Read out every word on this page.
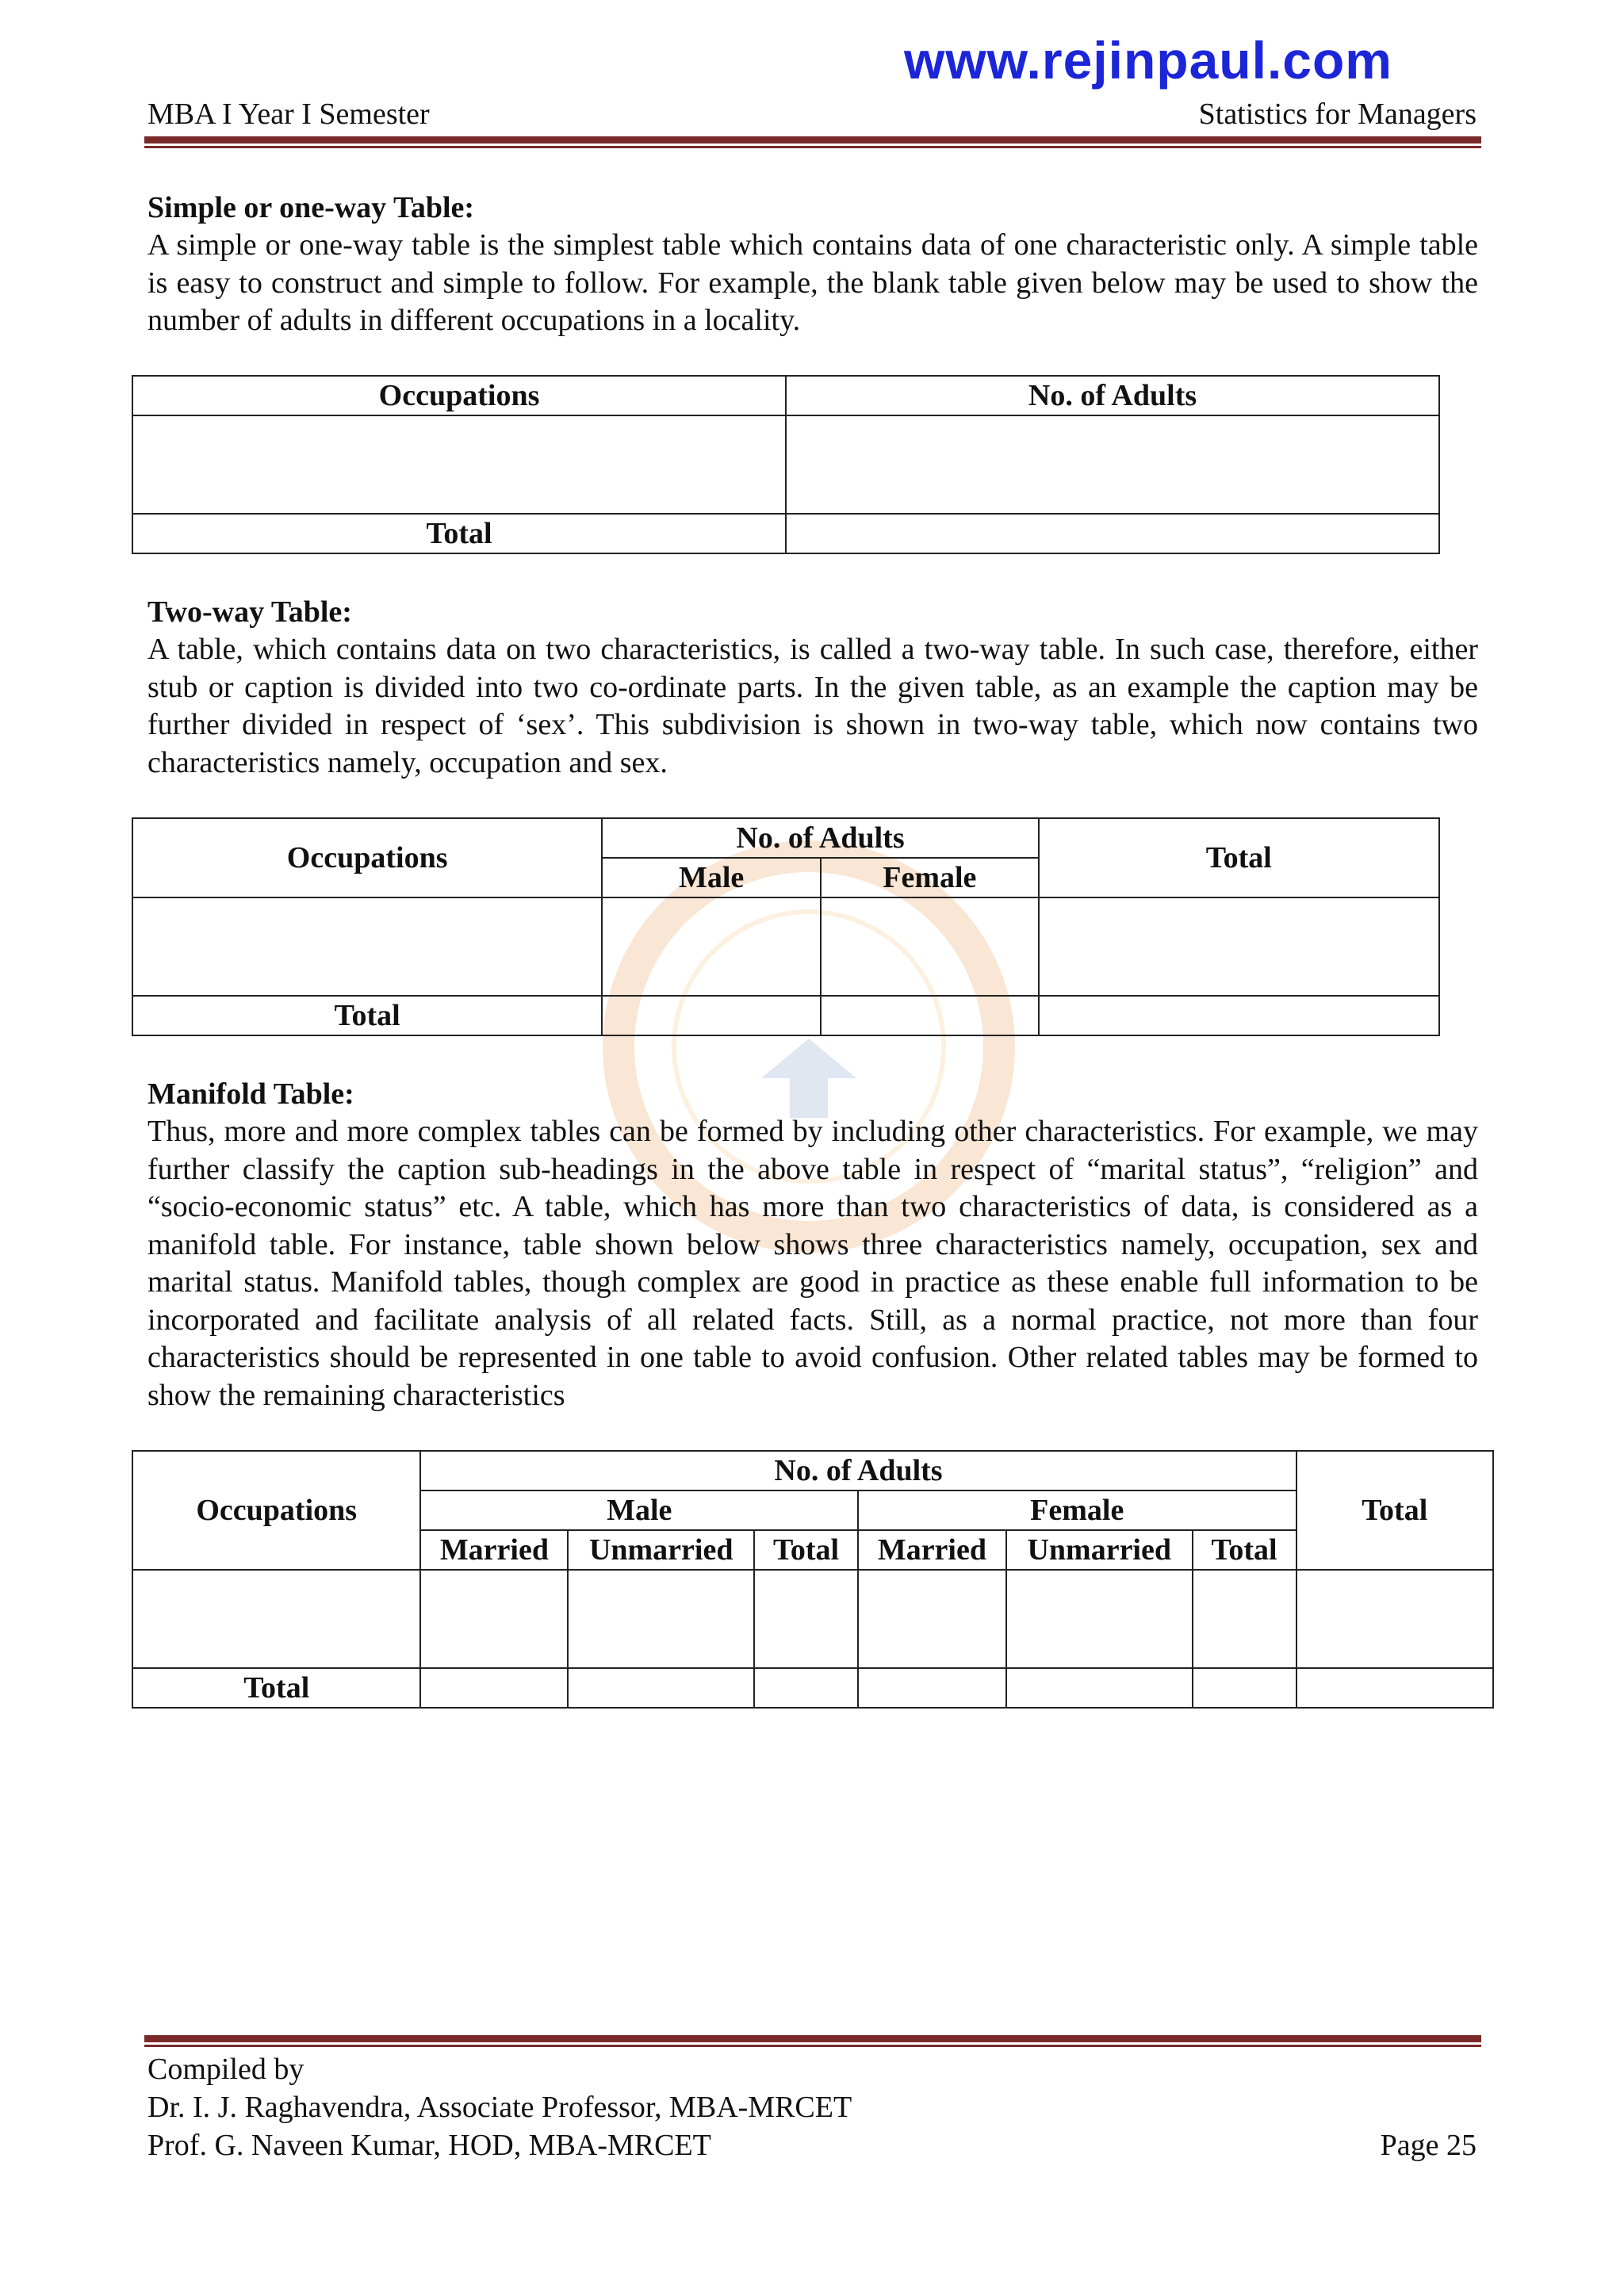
www.rejinpaul.com
MBA I Year I Semester	Statistics for Managers
Simple or one-way Table:

A simple or one-way table is the simplest table which contains data of one characteristic only. A simple table is easy to construct and simple to follow. For example, the blank table given below may be used to show the number of adults in different occupations in a locality.

Occupations	No. of Adults

Total	
Two-way Table:

A table, which contains data on two characteristics, is called a two-way table. In such case, therefore, either stub or caption is divided into two co-ordinate parts. In the given table, as an example the caption may be further divided in respect of ‘sex’. This subdivision is shown in two-way table, which now contains two characteristics namely, occupation and sex.

Occupations	No. of Adults		Total
	Male	Female	

Total			
Manifold Table:

Thus, more and more complex tables can be formed by including other characteristics. For example, we may further classify the caption sub-headings in the above table in respect of “marital status”, “religion” and “socio-economic status” etc. A table, which has more than two characteristics of data, is considered as a manifold table. For instance, table shown below shows three characteristics namely, occupation, sex and marital status. Manifold tables, though complex are good in practice as these enable full information to be incorporated and facilitate analysis of all related facts. Still, as a normal practice, not more than four characteristics should be represented in one table to avoid confusion. Other related tables may be formed to show the remaining characteristics

Occupations	No. of Adults						Total
	Male			Female			
	Married	Unmarried	Total	Married	Unmarried	Total	

Total							
Compiled by
Dr. I. J. Raghavendra, Associate Professor, MBA-MRCET
Prof. G. Naveen Kumar, HOD, MBA-MRCET	Page 25
